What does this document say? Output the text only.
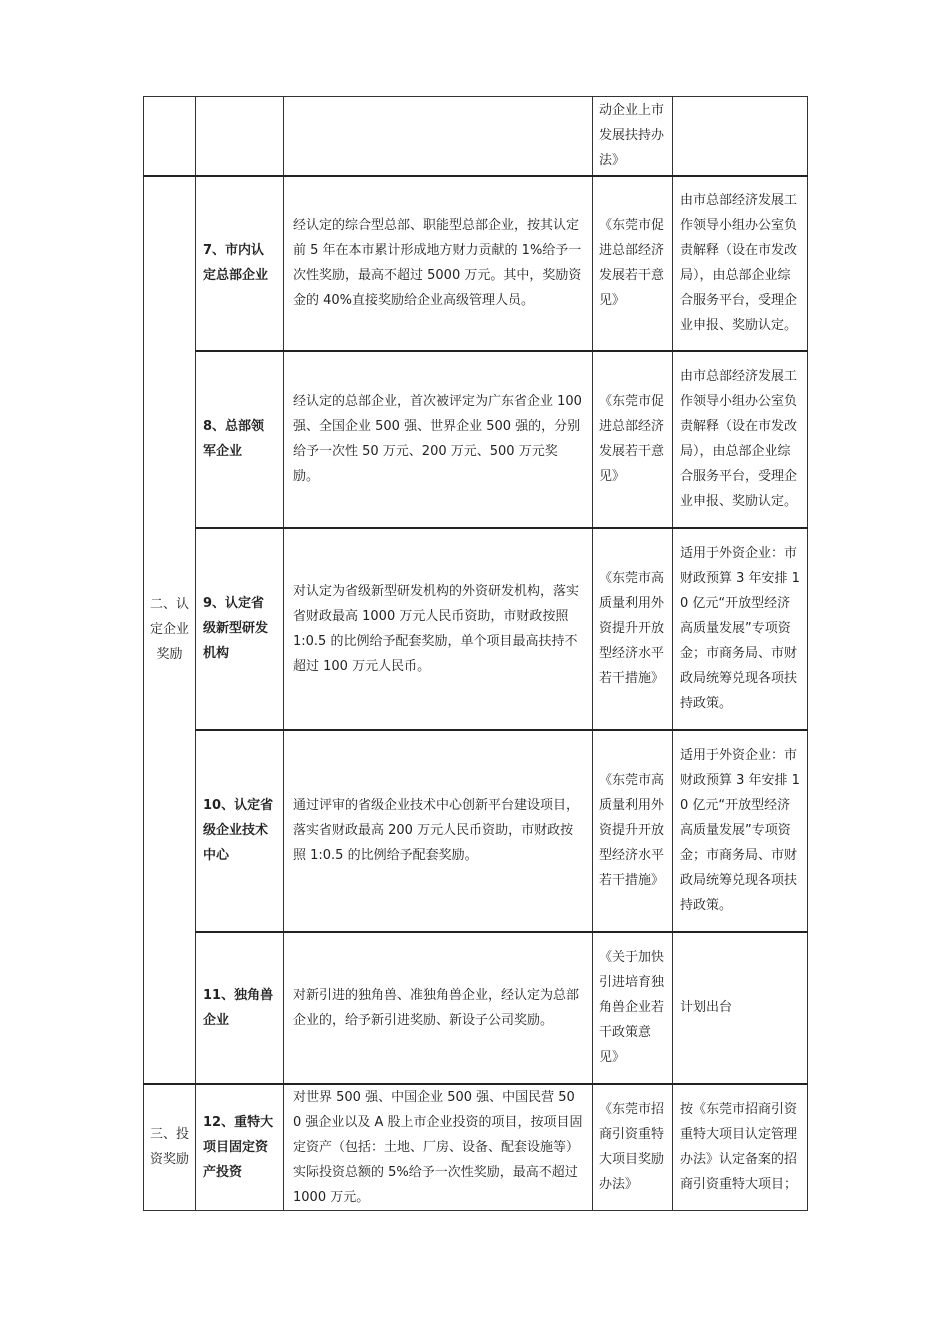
			动企业上市发展扶持办法》	

二、认定企业奖励	7、市内认定总部企业	经认定的综合型总部、职能型总部企业，按其认定前 5 年在本市累计形成地方财力贡献的 1%给予一次性奖励，最高不超过 5000 万元。其中，奖励资金的 40%直接奖励给企业高级管理人员。	《东莞市促进总部经济发展若干意见》	由市总部经济发展工作领导小组办公室负责解释（设在市发改局），由总部企业综合服务平台，受理企业申报、奖励认定。

	8、总部领军企业	经认定的总部企业，首次被评定为广东省企业 100 强、全国企业 500 强、世界企业 500 强的，分别给予一次性 50 万元、200 万元、500 万元奖励。	《东莞市促进总部经济发展若干意见》	由市总部经济发展工作领导小组办公室负责解释（设在市发改局），由总部企业综合服务平台，受理企业申报、奖励认定。

	9、认定省级新型研发机构	对认定为省级新型研发机构的外资研发机构，落实省财政最高 1000 万元人民币资助，市财政按照 1:0.5 的比例给予配套奖励，单个项目最高扶持不超过 100 万元人民币。	《东莞市高质量利用外资提升开放型经济水平若干措施》	适用于外资企业：市财政预算 3 年安排 10 亿元“开放型经济高质量发展”专项资金；市商务局、市财政局统筹兑现各项扶持政策。

	10、认定省级企业技术中心	通过评审的省级企业技术中心创新平台建设项目，落实省财政最高 200 万元人民币资助，市财政按照 1:0.5 的比例给予配套奖励。	《东莞市高质量利用外资提升开放型经济水平若干措施》	适用于外资企业：市财政预算 3 年安排 10 亿元“开放型经济高质量发展”专项资金；市商务局、市财政局统筹兑现各项扶持政策。

	11、独角兽企业	对新引进的独角兽、准独角兽企业，经认定为总部企业的，给予新引进奖励、新设子公司奖励。	《关于加快引进培育独角兽企业若干政策意见》	计划出台

三、投资奖励	12、重特大项目固定资产投资	对世界 500 强、中国企业 500 强、中国民营 500 强企业以及 A 股上市企业投资的项目，按项目固定资产（包括：土地、厂房、设备、配套设施等）实际投资总额的 5%给予一次性奖励，最高不超过 1000 万元。	《东莞市招商引资重特大项目奖励办法》	按《东莞市招商引资重特大项目认定管理办法》认定备案的招商引资重特大项目；
